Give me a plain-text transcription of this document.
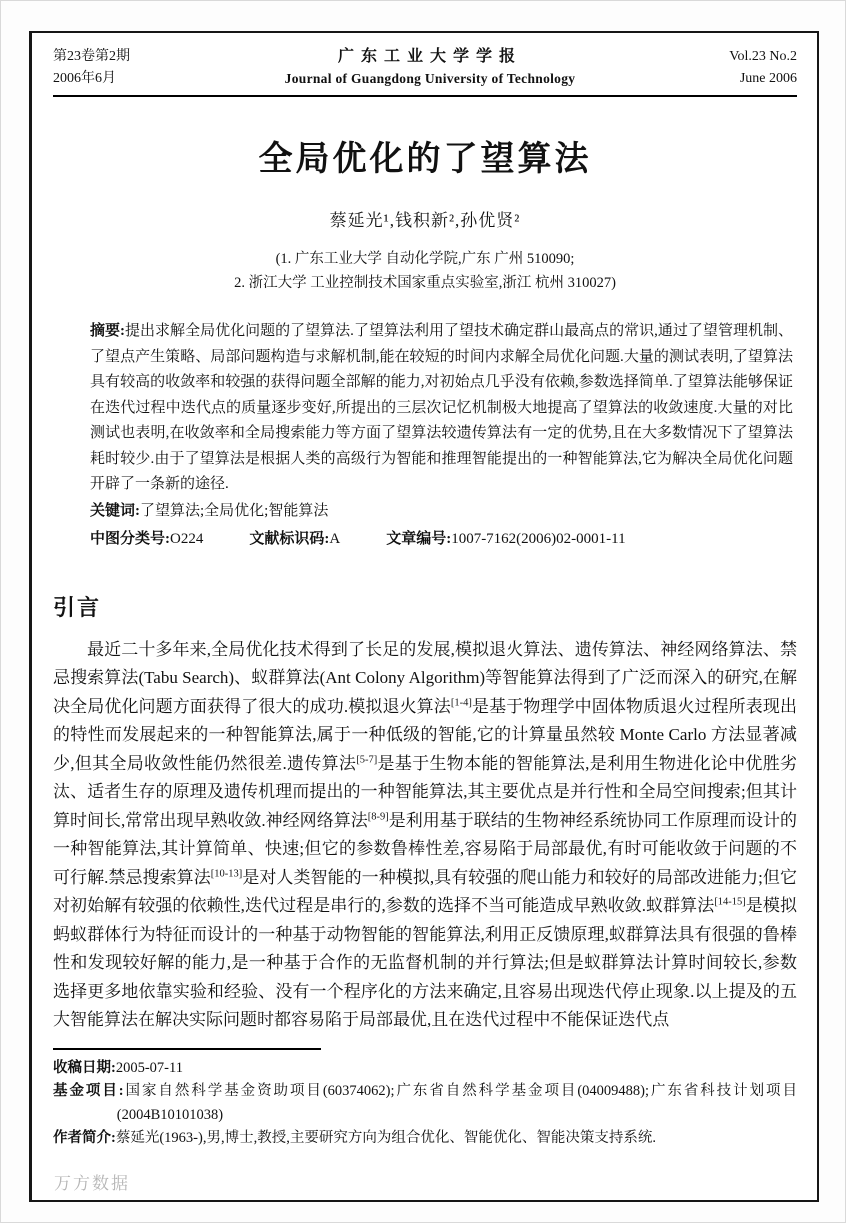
第23卷第2期
2006年6月
广东工业大学学报
Journal of Guangdong University of Technology
Vol.23 No.2
June 2006
全局优化的了望算法
蔡延光¹,钱积新²,孙优贤²
(1. 广东工业大学 自动化学院,广东 广州 510090;
2. 浙江大学 工业控制技术国家重点实验室,浙江 杭州 310027)

摘要:提出求解全局优化问题的了望算法.了望算法利用了望技术确定群山最高点的常识,通过了望管理机制、了望点产生策略、局部问题构造与求解机制,能在较短的时间内求解全局优化问题.大量的测试表明,了望算法具有较高的收敛率和较强的获得问题全部解的能力,对初始点几乎没有依赖,参数选择简单.了望算法能够保证在迭代过程中迭代点的质量逐步变好,所提出的三层次记忆机制极大地提高了望算法的收敛速度.大量的对比测试也表明,在收敛率和全局搜索能力等方面了望算法较遗传算法有一定的优势,且在大多数情况下了望算法耗时较少.由于了望算法是根据人类的高级行为智能和推理智能提出的一种智能算法,它为解决全局优化问题开辟了一条新的途径.

关键词:了望算法;全局优化;智能算法

中图分类号:O224	文献标识码:A	文章编号:1007-7162(2006)02-0001-11

引言

最近二十多年来,全局优化技术得到了长足的发展,模拟退火算法、遗传算法、神经网络算法、禁忌搜索算法(Tabu Search)、蚁群算法(Ant Colony Algorithm)等智能算法得到了广泛而深入的研究,在解决全局优化问题方面获得了很大的成功.模拟退火算法[1-4]是基于物理学中固体物质退火过程所表现出的特性而发展起来的一种智能算法,属于一种低级的智能,它的计算量虽然较 Monte Carlo 方法显著减少,但其全局收敛性能仍然很差.遗传算法[5-7]是基于生物本能的智能算法,是利用生物进化论中优胜劣汰、适者生存的原理及遗传机理而提出的一种智能算法,其主要优点是并行性和全局空间搜索;但其计算时间长,常常出现早熟收敛.神经网络算法[8-9]是利用基于联结的生物神经系统协同工作原理而设计的一种智能算法,其计算简单、快速;但它的参数鲁棒性差,容易陷于局部最优,有时可能收敛于问题的不可行解.禁忌搜索算法[10-13]是对人类智能的一种模拟,具有较强的爬山能力和较好的局部改进能力;但它对初始解有较强的依赖性,迭代过程是串行的,参数的选择不当可能造成早熟收敛.蚁群算法[14-15]是模拟蚂蚁群体行为特征而设计的一种基于动物智能的智能算法,利用正反馈原理,蚁群算法具有很强的鲁棒性和发现较好解的能力,是一种基于合作的无监督机制的并行算法;但是蚁群算法计算时间较长,参数选择更多地依靠实验和经验、没有一个程序化的方法来确定,且容易出现迭代停止现象.以上提及的五大智能算法在解决实际问题时都容易陷于局部最优,且在迭代过程中不能保证迭代点

收稿日期:2005-07-11

基金项目:国家自然科学基金资助项目(60374062);广东省自然科学基金项目(04009488);广东省科技计划项目(2004B10101038)

作者简介:蔡延光(1963-),男,博士,教授,主要研究方向为组合优化、智能优化、智能决策支持系统.

万方数据
